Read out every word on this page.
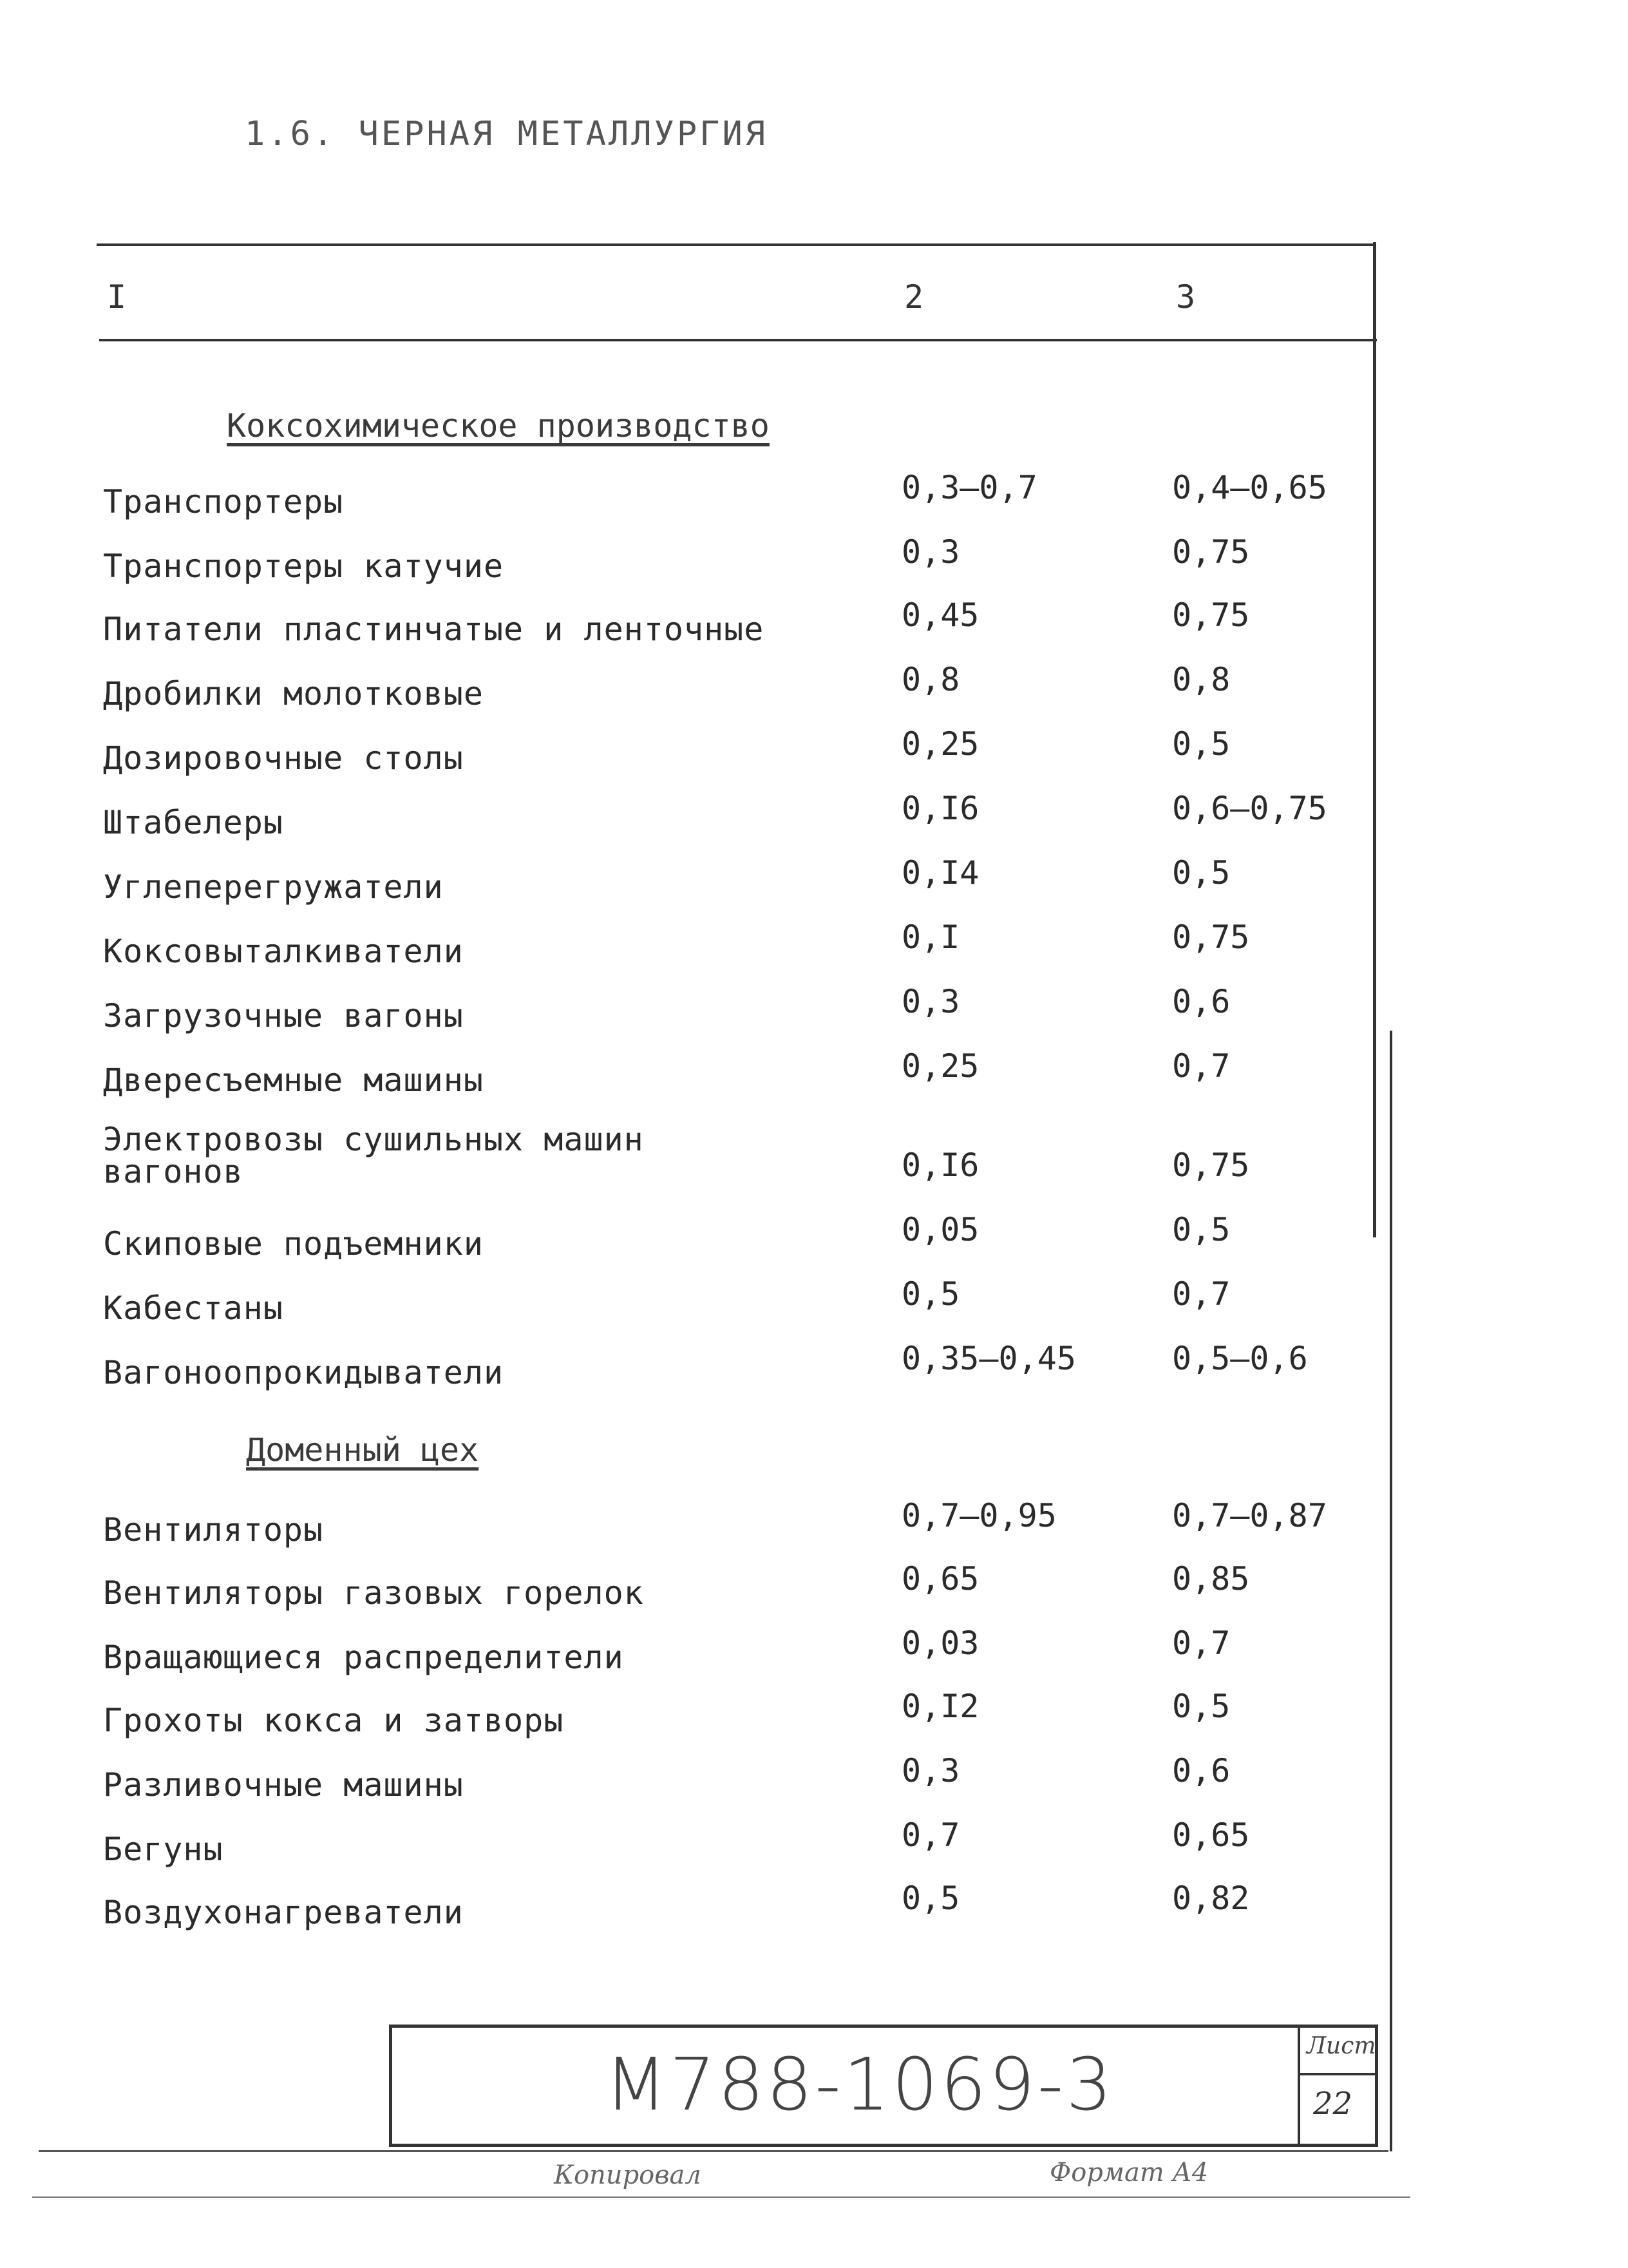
1.6. ЧЕРНАЯ МЕТАЛЛУРГИЯ
I	2	3
Коксохимическое производство
Транспортеры	0,3–0,7	0,4–0,65
Транспортеры катучие	0,3	0,75
Питатели пластинчатые и ленточные	0,45	0,75
Дробилки молотковые	0,8	0,8
Дозировочные столы	0,25	0,5
Штабелеры	0,I6	0,6–0,75
Углеперегружатели	0,I4	0,5
Коксовыталкиватели	0,I	0,75
Загрузочные вагоны	0,3	0,6
Двересъемные машины	0,25	0,7
Электровозы сушильных машин
вагонов	0,I6	0,75
Скиповые подъемники	0,05	0,5
Кабестаны	0,5	0,7
Вагоноопрокидыватели	0,35–0,45	0,5–0,6
Доменный цех
Вентиляторы	0,7–0,95	0,7–0,87
Вентиляторы газовых горелок	0,65	0,85
Вращающиеся распределители	0,03	0,7
Грохоты кокса и затворы	0,I2	0,5
Разливочные машины	0,3	0,6
Бегуны	0,7	0,65
Воздухонагреватели	0,5	0,82
М788-1069-3	Лист
22
Копировал	Формат А4
